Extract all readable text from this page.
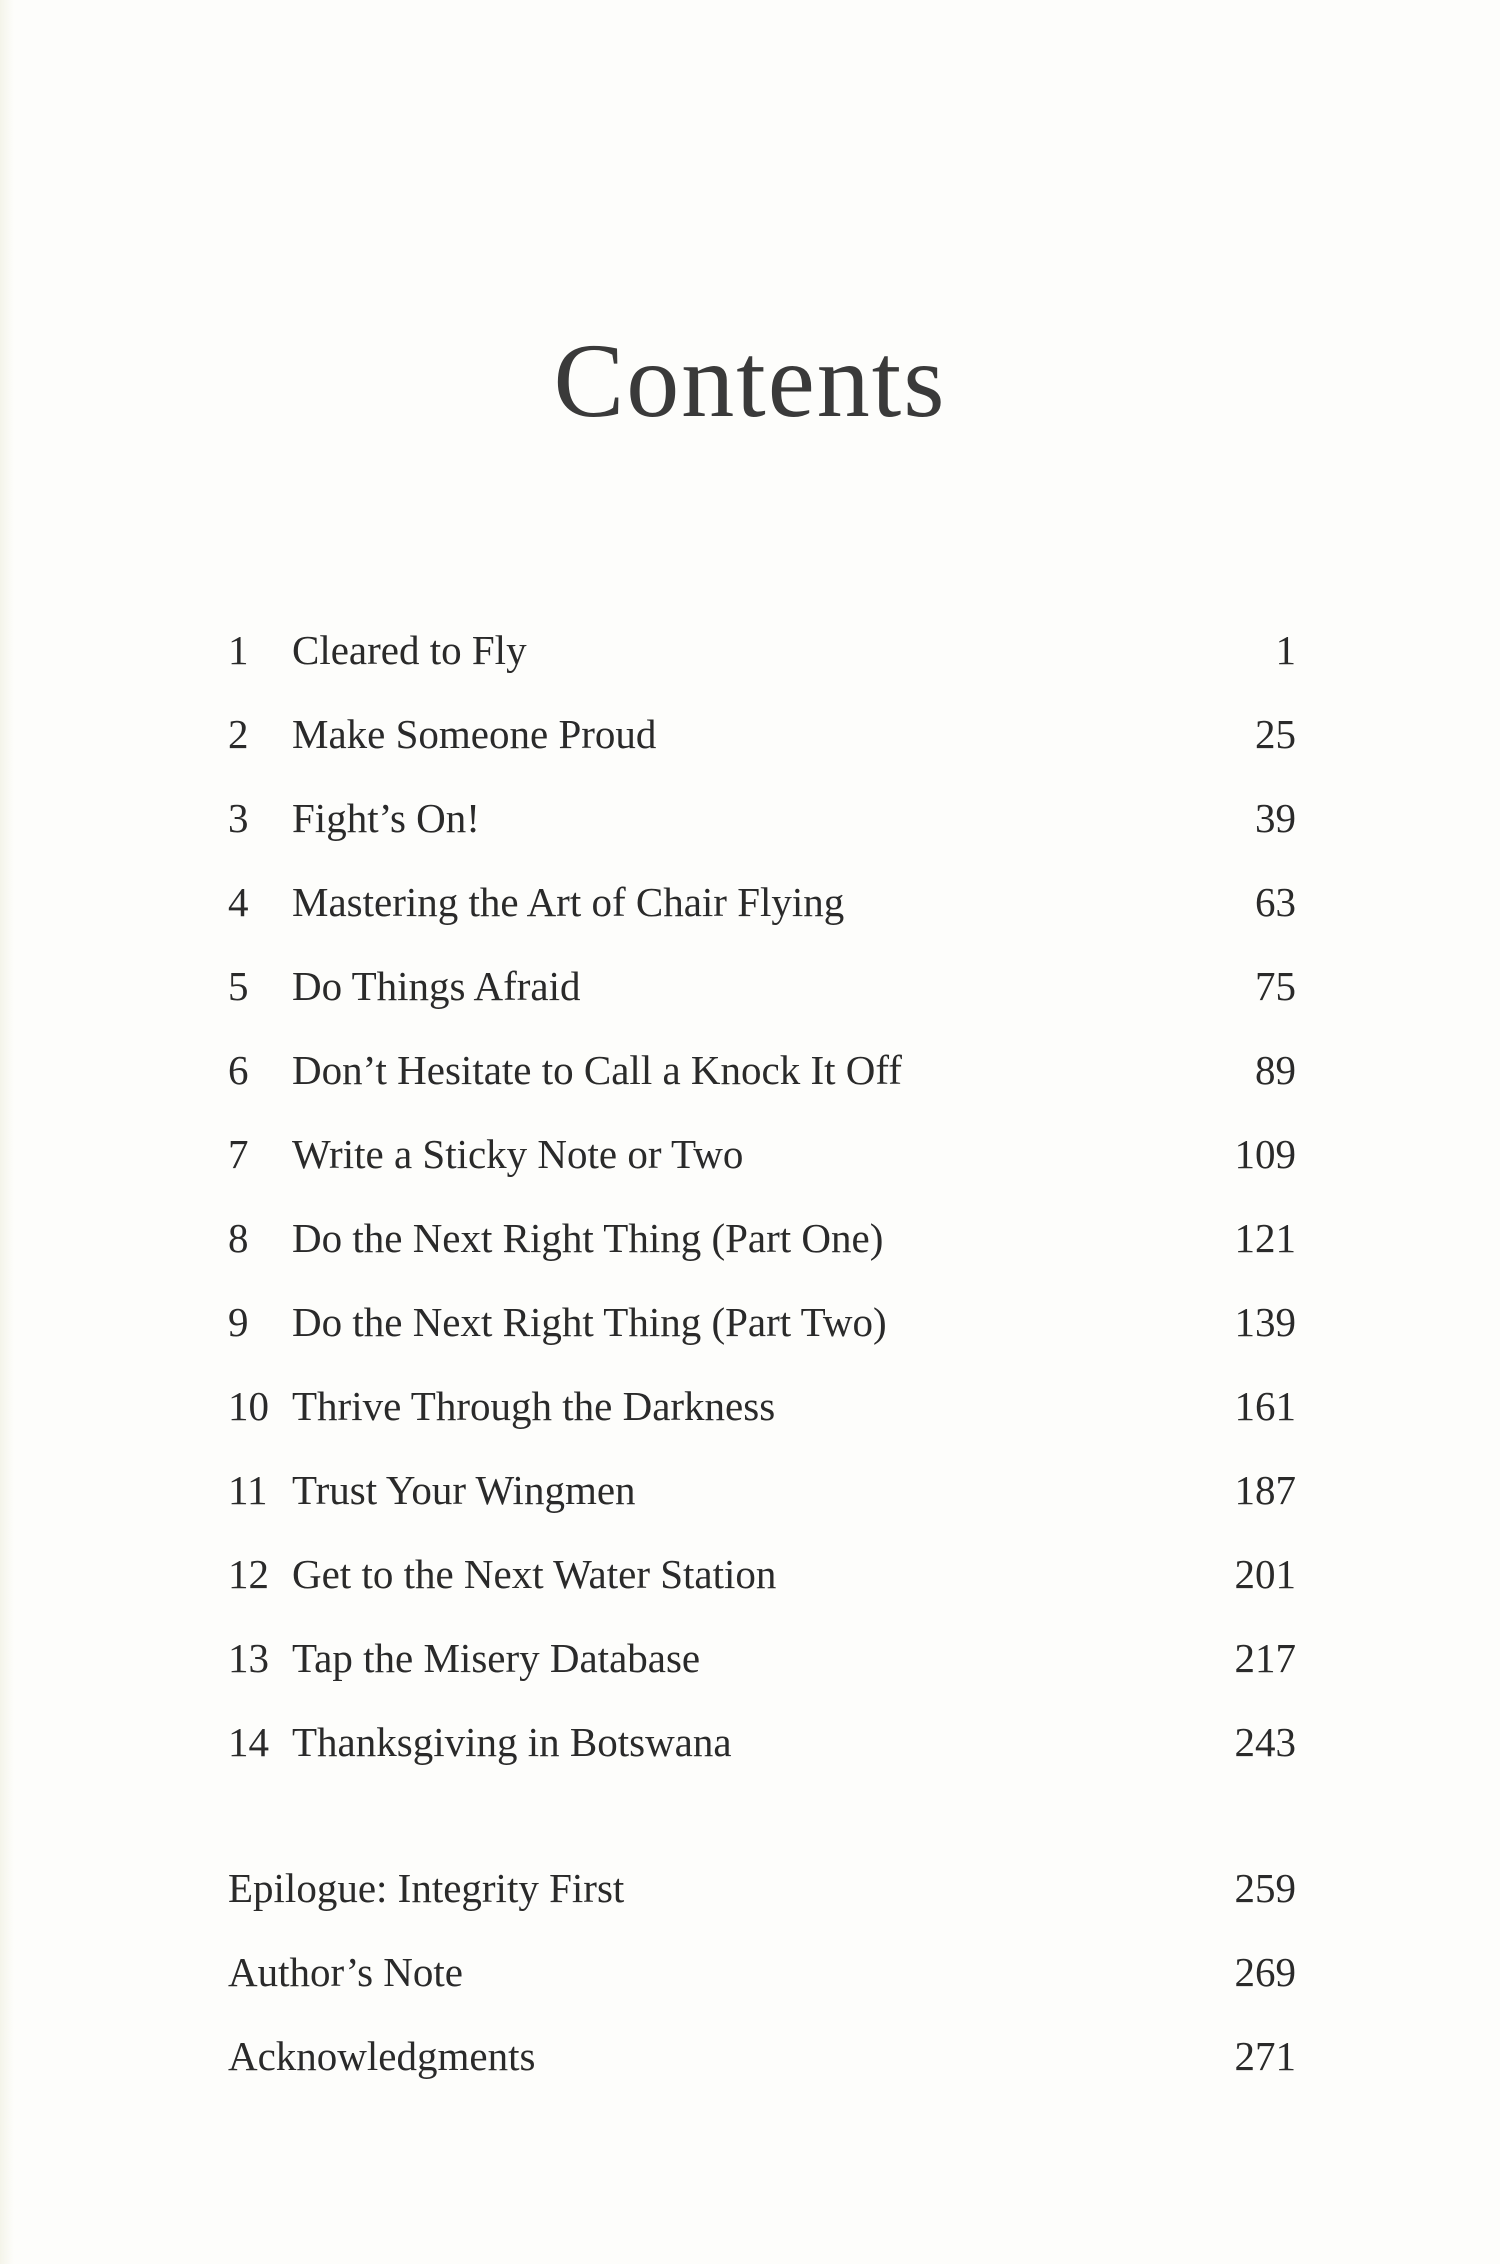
Contents
1	Cleared to Fly	1
2	Make Someone Proud	25
3	Fight’s On!	39
4	Mastering the Art of Chair Flying	63
5	Do Things Afraid	75
6	Don’t Hesitate to Call a Knock It Off	89
7	Write a Sticky Note or Two	109
8	Do the Next Right Thing (Part One)	121
9	Do the Next Right Thing (Part Two)	139
10 Thrive Through the Darkness	161
11 Trust Your Wingmen	187
12 Get to the Next Water Station	201
13 Tap the Misery Database	217
14 Thanksgiving in Botswana	243
Epilogue: Integrity First	259
Author’s Note	269
Acknowledgments	271
